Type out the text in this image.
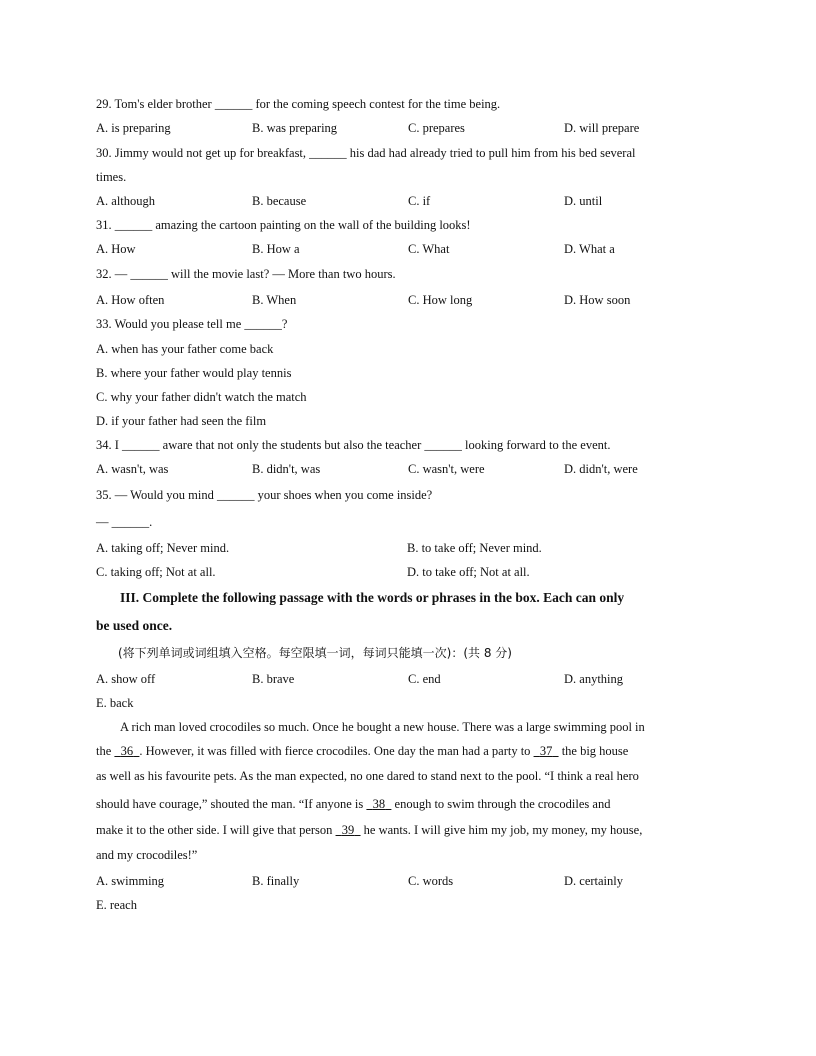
29. Tom's elder brother ______ for the coming speech contest for the time being.
A. is preparing	B. was preparing	C. prepares	D. will prepare
30. Jimmy would not get up for breakfast, ______ his dad had already tried to pull him from his bed several
times.
A. although	B. because	C. if	D. until
31. ______ amazing the cartoon painting on the wall of the building looks!
A. How	B. How a	C. What	D. What a
32. — ______ will the movie last? — More than two hours.
A. How often	B. When	C. How long	D. How soon
33. Would you please tell me ______?
A. when has your father come back
B. where your father would play tennis
C. why your father didn't watch the match
D. if your father had seen the film
34. I ______ aware that not only the students but also the teacher ______ looking forward to the event.
A. wasn't, was	B. didn't, was	C. wasn't, were	D. didn't, were
35. — Would you mind ______ your shoes when you come inside?
— ______.
A. taking off; Never mind.	B. to take off; Never mind.
C. taking off; Not at all.	D. to take off; Not at all.
III. Complete the following passage with the words or phrases in the box. Each can only
be used once.
(将下列单词或词组填入空格。每空限填一词，每词只能填一次)：(共 8 分)
A. show off	B. brave	C. end	D. anything
E. back
A rich man loved crocodiles so much. Once he bought a new house. There was a large swimming pool in
the 36 . However, it was filled with fierce crocodiles. One day the man had a party to 37 the big house
as well as his favourite pets. As the man expected, no one dared to stand next to the pool. “I think a real hero
should have courage,” shouted the man. “If anyone is 38 enough to swim through the crocodiles and
make it to the other side. I will give that person 39 he wants. I will give him my job, my money, my house,
and my crocodiles!”
A. swimming	B. finally	C. words	D. certainly
E. reach
